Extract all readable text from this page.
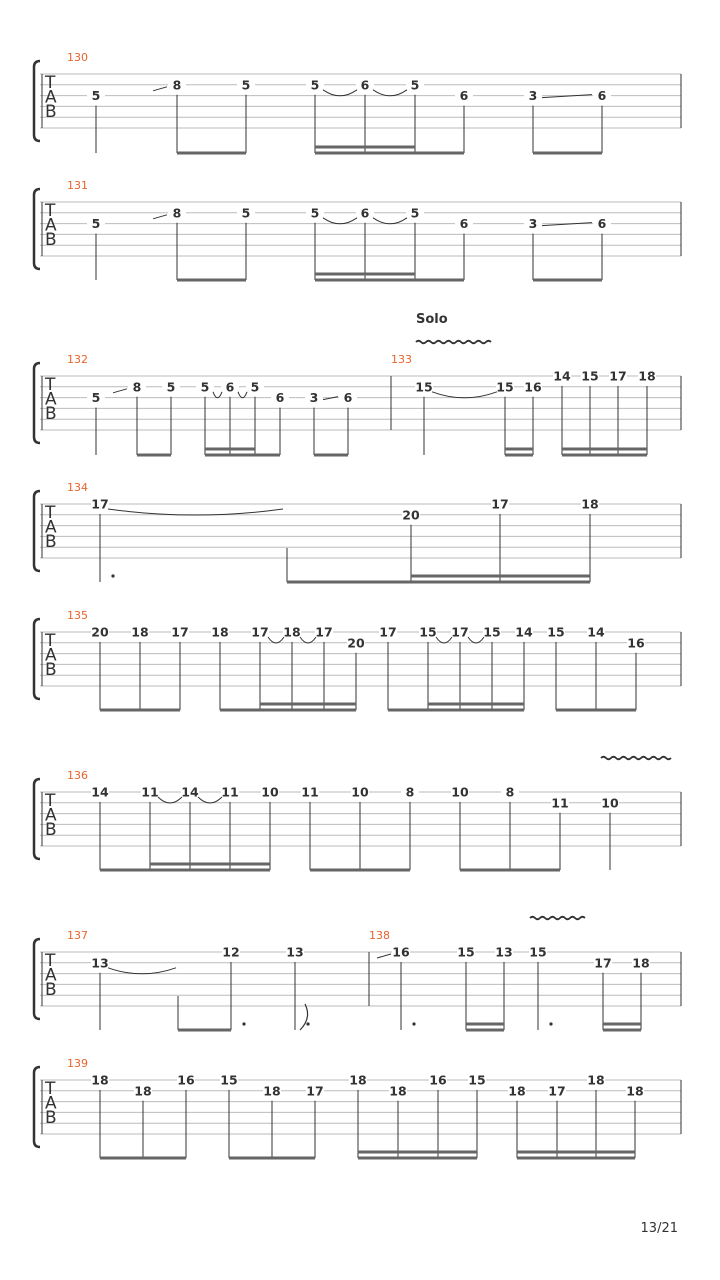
T
A
B
130
5
8	5	5	6	5
6	3	6
T
A
B
131
5
8	5	5	6	5
6	3	6
T
A
B
132	133
5
8 5 5 6 5
6 3 6
15	15 16
14 15 17 18
T
A
B
134
17
20
17	18
T
A
B
135
20 18 17 18 17 18 17
20
17 15 17 15 14 15 14
16
T
A
B
136
14	11 14 11 10 11	10	8	10	8
11	10
T
A
B
137	138
13
12	13	16	15 13 15
17 18
T
A
B
139
18
18
16 15
18 17
18
18
16 15
18 17
18
18
Solo
13/21
